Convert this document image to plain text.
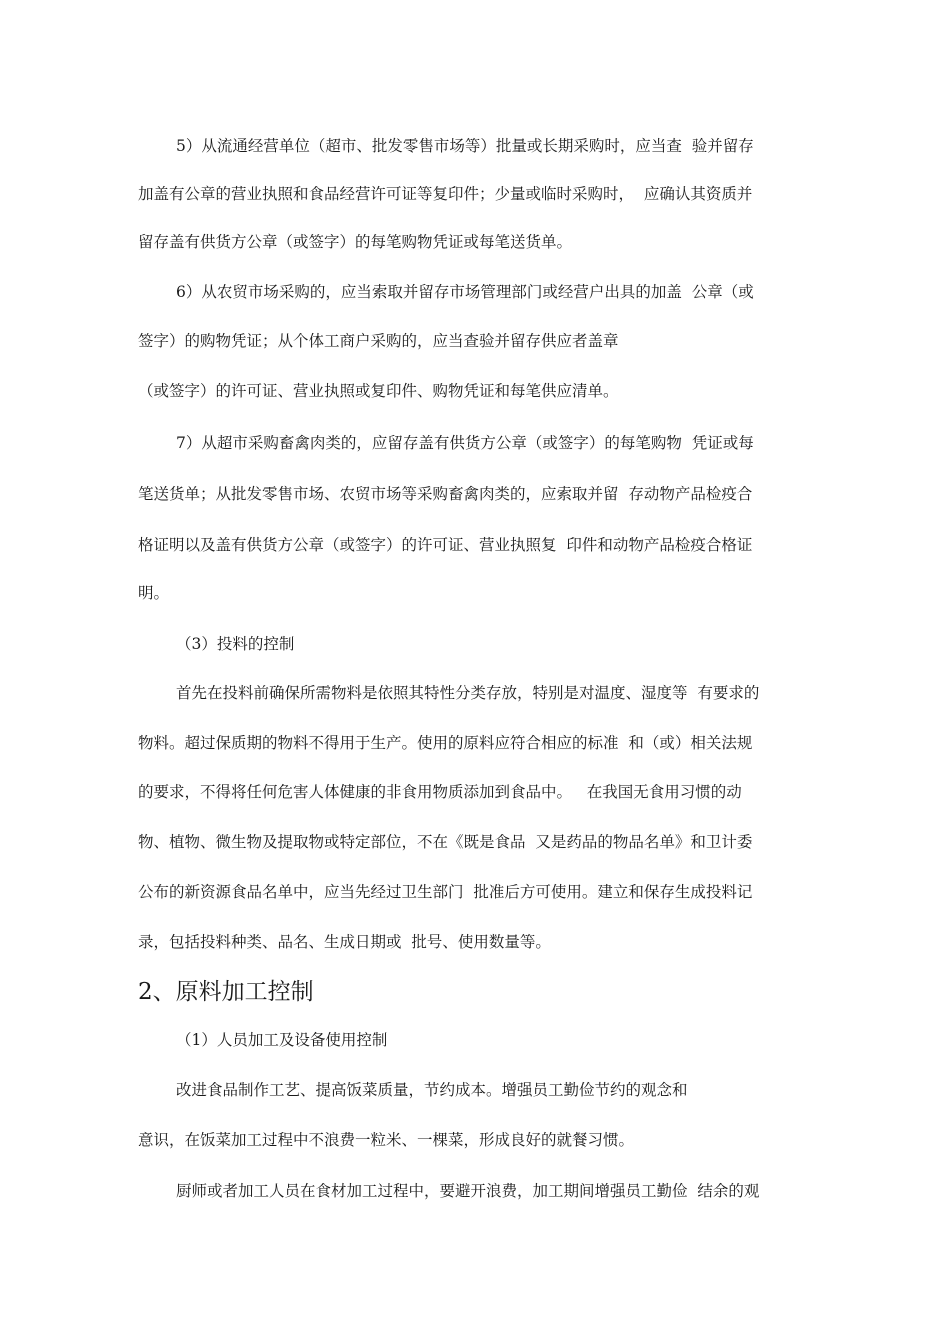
5）从流通经营单位（超市、批发零售市场等）批量或长期采购时，应当查  验并留存
加盖有公章的营业执照和食品经营许可证等复印件；少量或临时采购时，  应确认其资质并
留存盖有供货方公章（或签字）的每笔购物凭证或每笔送货单。
6）从农贸市场采购的，应当索取并留存市场管理部门或经营户出具的加盖  公章（或
签字）的购物凭证；从个体工商户采购的，应当查验并留存供应者盖章
（或签字）的许可证、营业执照或复印件、购物凭证和每笔供应清单。
7）从超市采购畜禽肉类的，应留存盖有供货方公章（或签字）的每笔购物  凭证或每
笔送货单；从批发零售市场、农贸市场等采购畜禽肉类的，应索取并留  存动物产品检疫合
格证明以及盖有供货方公章（或签字）的许可证、营业执照复  印件和动物产品检疫合格证
明。
（3）投料的控制
首先在投料前确保所需物料是依照其特性分类存放，特别是对温度、湿度等  有要求的
物料。超过保质期的物料不得用于生产。使用的原料应符合相应的标准  和（或）相关法规
的要求，不得将任何危害人体健康的非食用物质添加到食品中。   在我国无食用习惯的动
物、植物、微生物及提取物或特定部位，不在《既是食品  又是药品的物品名单》和卫计委
公布的新资源食品名单中，应当先经过卫生部门  批准后方可使用。建立和保存生成投料记
录，包括投料种类、品名、生成日期或  批号、使用数量等。
2、原料加工控制
（1）人员加工及设备使用控制
改进食品制作工艺、提高饭菜质量，节约成本。增强员工勤俭节约的观念和
意识，在饭菜加工过程中不浪费一粒米、一棵菜，形成良好的就餐习惯。
厨师或者加工人员在食材加工过程中，要避开浪费，加工期间增强员工勤俭  结余的观
